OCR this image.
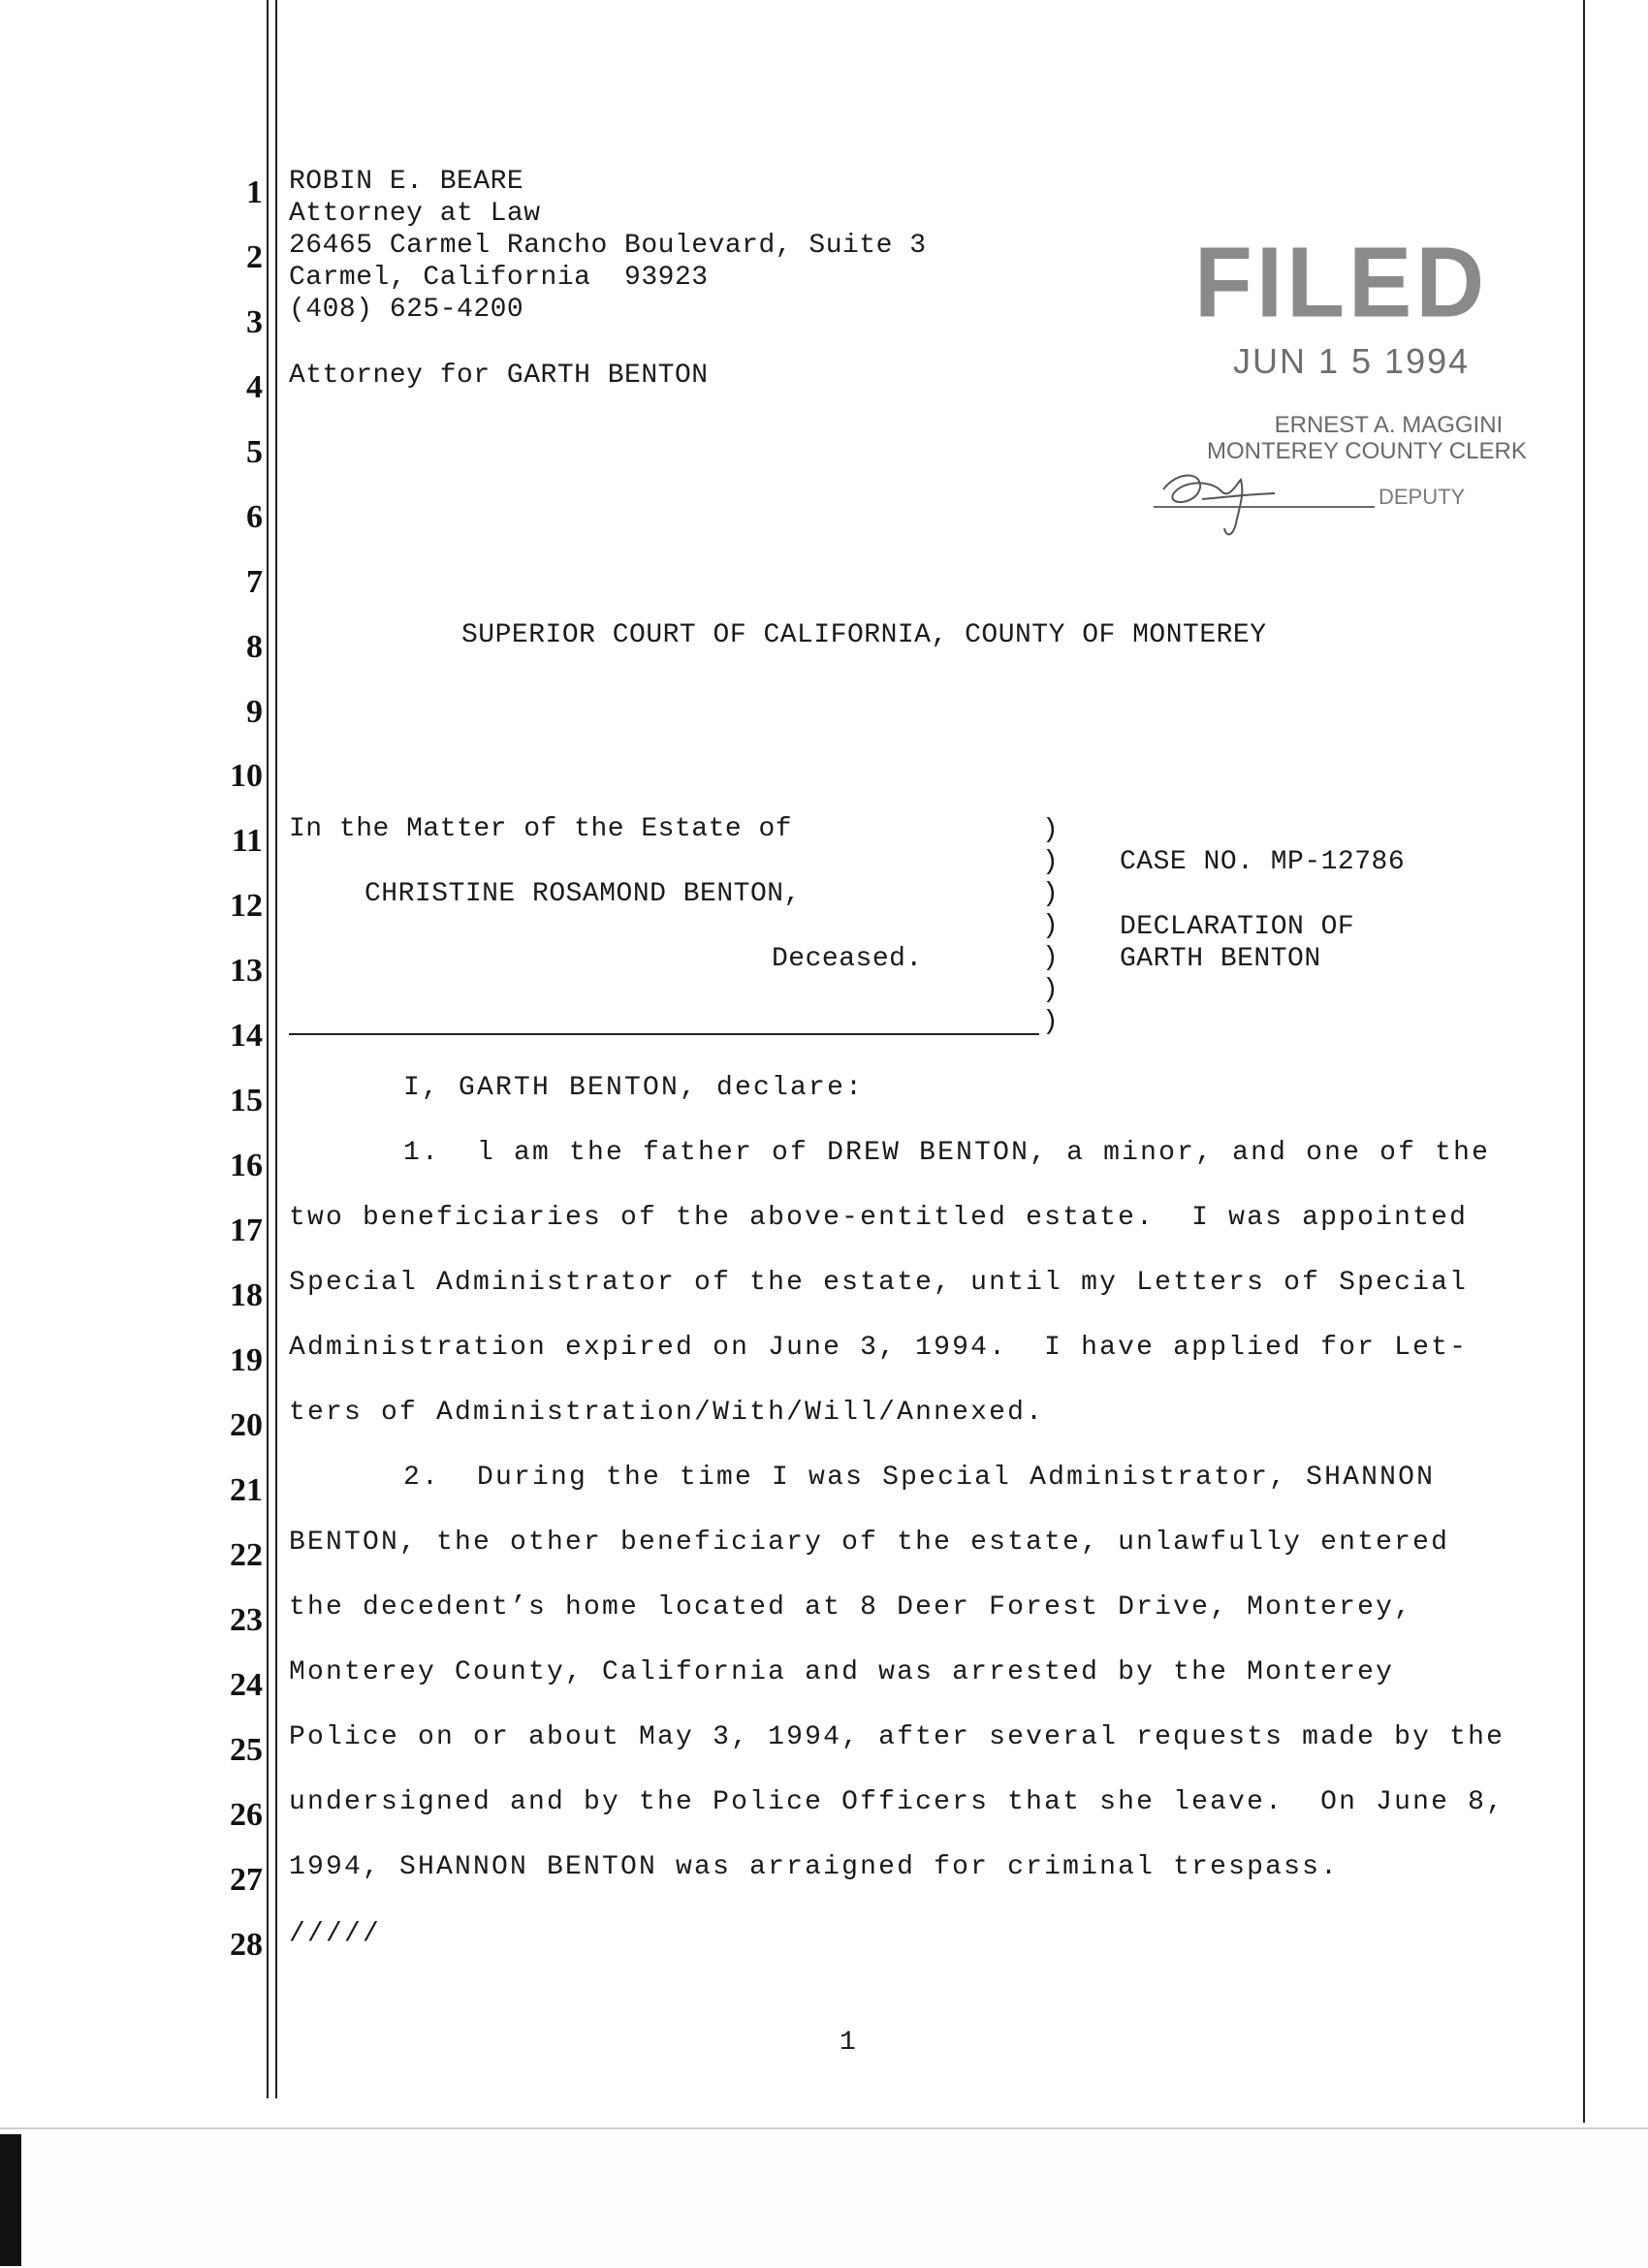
1
2
3
4
5
6
7
8
9
10
11
12
13
14
15
16
17
18
19
20
21
22
23
24
25
26
27
28
ROBIN E. BEARE
Attorney at Law
26465 Carmel Rancho Boulevard, Suite 3
Carmel, California  93923
(408) 625-4200
Attorney for GARTH BENTON
FILED
JUN 1 5 1994
ERNEST A. MAGGINI
MONTEREY COUNTY CLERK
DEPUTY
SUPERIOR COURT OF CALIFORNIA, COUNTY OF MONTEREY
In the Matter of the Estate of
CHRISTINE ROSAMOND BENTON,
Deceased.
)
)
)
)
)
)
)
CASE NO. MP-12786
DECLARATION OF
GARTH BENTON
I, GARTH BENTON, declare:
1.  l am the father of DREW BENTON, a minor, and one of the
two beneficiaries of the above-entitled estate.  I was appointed
Special Administrator of the estate, until my Letters of Special
Administration expired on June 3, 1994.  I have applied for Let-
ters of Administration/With/Will/Annexed.
2.  During the time I was Special Administrator, SHANNON
BENTON, the other beneficiary of the estate, unlawfully entered
the decedent’s home located at 8 Deer Forest Drive, Monterey,
Monterey County, California and was arrested by the Monterey
Police on or about May 3, 1994, after several requests made by the
undersigned and by the Police Officers that she leave.  On June 8,
1994, SHANNON BENTON was arraigned for criminal trespass.
/////
1
